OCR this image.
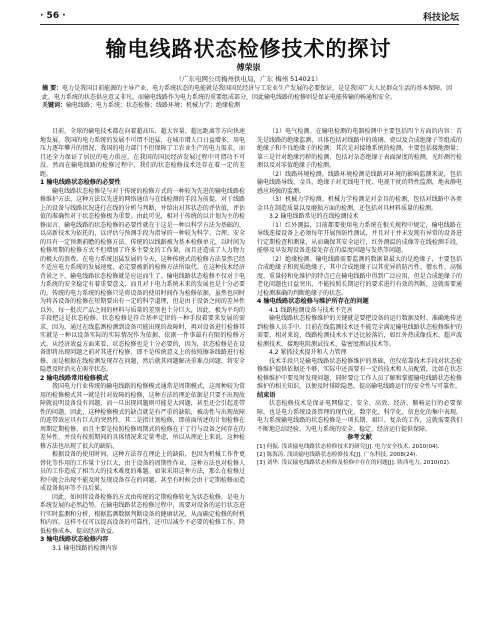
· 56 ·	科技论坛
输电线路状态检修技术的探讨
傅荣崇
（广东电网公司梅州供电局，广东 梅州 514021）
摘 要：电力是我国目前能源的主导产业，电力系统状态的电能就是我国国民经济与工农业生产发展的必要保证，是是我国广大人民群众生活的基本保障。因此，电力系统的状态供应意义非凡。而输电线路作为电力系统的重要组成部分，因此输电线路的检修则是保证电能传输的畅通和安全。
关键词：输电线路；电力系统；状态检修；线路环境；机械力学；绝缘检测

目前，全球的输电技术都在向着超高压、超大容量、超远距离等方向快速地发展，我国的电力系统的发展不可谓不迅猛，在城市增人口日益增多，用电压力逐年攀升的情况，我国的电力部门不但保障了工农业生产的电力需求，而且还全力保证了居民的电力供应，在我国的国民经济发展过程中可谓功不可没。然而在输电线路的检修过程中，我们的状态检修技术还存在着一定的差距。

1 输电线路状态检修的必要性

输电线路状态检修是与对于传统的检修方式的一种较为先进的输电线路检修维护方法，这种方法以先进的网络通信与在线检测的手段为前提，对于线路上的设备与线路状况进行在线的分析与判断，并给出对其状态的评估值，评估值的准确性对于状态检修极为重要。由此可见，相对于传统的以计划为主的检修而言，输电线路的状态检修的必要性就在于这是一种以科学方法为基础的，以高新技术为依托的，以评估与预测手段为指导的一种较为科学、合理、安全的具有一定预测前瞻的检修方法。传统的以线路被为基本检修单元，以时间为检修周期的检修方式不但增加了许多主要文的工作量，而且还造成了人力物力的极大的浪费。在电力系统迅猛发展的今天，这种传统式的检修方法显然已经不适应电力系统的发展速度，必定要被新的检修方法所取代。在这种技术经济背景之下，输电线路状态检修就是应运而生了。输电线路状态检修不仅对于电力系统的安全稳定有着重要意义，而且对于电力系统未来的发展也是十分必要的。传统的电力系统的检修只是将设备的使用时间作为检修依据，虽然也同时为将各设备的检修在短期要出有一定的科学道理，但是由于设备之间的差异性以外，每一批次产品之间的材料与质量的差别也十分巨大，因此，极为平均的手段把这是状态检修。状态检修是符合基率定律的一种手段着要来发展的需求，因为，通过在线监测检测到设备可能出现的故障时，再对设备进行检修其实就是一种以设备实际的实际情况作为依据，依据一件事最有有限的检修方式。从经济效益方面来看，状态检修也是十分必要的，因为，状态检修是在设备即将出现问题之前对其进行检修，即不是传统意义上的按照擦条线路进行检修，而是根据在线检测发现存在问题，然后就其问题解决重难点问题，将安全隐患及时消灭在萌芽状态。

2 输电线路常用检修模式

我国电力行业传统的输电线路的检修模式通常是周期模式，这周种较为常用的检修模式其一就是针对故障的检修，这种方法的理论依据是只要不出现故障就说明设备没有问题，而一旦出现问题则可能是大问题，甚至还会引起连带性的问题，因此，这种检修模式的缺点就是有严重的缺陷，被动性与出现故障的连带效应具有巨大的突然性。其二是指计划检修，即前面所述的计划检修在周期定期检修，而且主要是按照检修周期式的检修在于了行与设备之间存在的差异性，并没有按照期间的具体情况来定量考虑，所以从理论上来说，这种检修方法也出现了很大的缺陷。

根据设备的使用时间，这种方法存在理论上的缺陷，也因为机械工作件更替化等作用的工作量十分巨大，由于设备的周期性作业，这种方法也对检修人员的工作造成了相当大的技术难度的难题。如果采用这种方法，那么在检修过程中就会出现不能及时发现设备存在的问题，甚至有时候会由于定期检修而造成设备损坏等不良后果。

因此，如何将设备检修的方式由传统的定期检修转化为状态检修，是电力系统发展的必然趋势。在输电线路状态检修过程中，需要对设备的运行状态进行实时监测和分析，根据监测数据判断设备的健康状况，从而确定检修的时机和内容。这样不仅可以提高设备的可靠性，还可以减少不必要的检修工作，降低检修成本，提高经济效益。

3 输电线路状态检修内容

3.1 输电线路的检测内容

（1）电气检测。在输电检测的电器检测中主要包括四个方面的内容：首先是线路的绝缘监测，具体包括对线路中的玻璃、瓷以及合成绝缘子等组成的绝缘子和不良绝缘子的检测；其次是对接地系统的检测，主要包括接地测量；第三是针对绝缘污秽的检测，包括对杂态绝缘子表面湿度的检测，光纤测污检测以及对零值绝缘子的检测。

（2）线路环境检测。线路环境检测是线路对环境的影响监测来说，包括输电线路导线、金具、绝缘子对无线电干扰、电视干扰的特性监测，地表静电感应场强的监测。

（3）机械力学检测。机械力学检测是对金具的检测，包括对线路中各类金具在制造质量以及磨损方面的检测，还包括对具材料质量的检测。

3.2 输电线路常见的在线检测技术

（1）红外测温，目前都要使用电力系统在相关规程中规定，输电线路在导线连接设备上必须每年开展预防性测试，并且对于并未发现有异常的设备进行定期检查和测量，从而确保其安全运行，红外测温的成像等在线检测手段，能够及早发现设备连接处存在的温度问题与发热等问题。

（2）绝缘检测。输电线路需要监测的数据量最大的是绝缘子，主要包括合成绝缘子和瓷质绝缘子，其中合成绝缘子以其优异的防污性、憎水性、高强度、重量轻和免维护的特点已在输电线路中得到广泛应用，但是合成绝缘子的老化问题也日益突出，不能按照长期运行的要求进行有效的判断，这就需要通过检测准确的判断绝缘子的状态。

4 输电线路状态检修与维护所存在的问题

4.1 线路检测设备与技术不完善

输电线路状态检修维护的关键就是要把设备的运行数据及时、准确地传送到检修人员手中。目前在线监测技术还不能完全满足输电线路状态检修维护的需要，相对来说，线路检测技术水平还比较落后，如红外热成像技术、超声波检测技术、接地电阻测试技术、盐密度测试技术等。

4.2 紧抓技术提升和人力管理

技术手段只是输电线路状态检修维护的基础，但仅依靠技术手段对状态检修维护提供依据还不够，实际中还需要有一定的技术和人员配置，比如在状态检修维护中要及时发现问题，同时要让工作人员了解和掌握输电线路状态检修维护的相关知识，以便及时排除隐患，提高输电线路运行的安全性与可靠性。

结束语

状态检修技术是保证电网稳定、安全、高效、经济、顺畅运行的必要保障，也是电力系统设备管理的现代化、数字化、科学化、信息化的集中表现。电力系统输电线路的状态检修是一项长期、艰巨、复杂的工作，这就需要我们不断地总结经验，为电力系统的安全、稳定、经济运行提供保障。

参考文献

[1] 何振. 浅谈输电线路状态检修技术的研究[J]. 电力安全技术, 2010(04).

[2] 陈海涛. 浅谈输电线路状态检修技术[J]. 广东科技, 2008(24).

[3] 刘华. 浅议输电线路状态检修及检修中存在的问题[J]. 陕西电力, 2010(02).
